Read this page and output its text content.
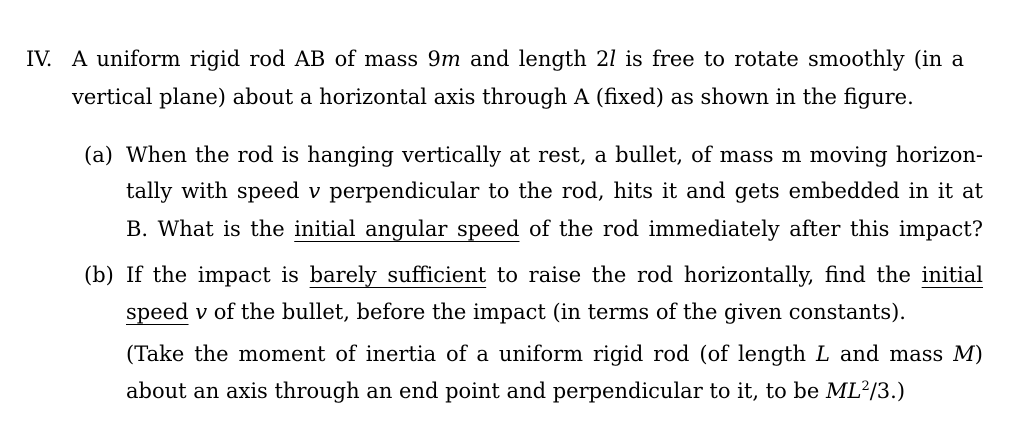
IV. A uniform rigid rod AB of mass 9m and length 2l is free to rotate smoothly (in a
vertical plane) about a horizontal axis through A (fixed) as shown in the figure.
(a) When the rod is hanging vertically at rest, a bullet, of mass m moving horizon-
tally with speed v perpendicular to the rod, hits it and gets embedded in it at
B. What is the initial angular speed of the rod immediately after this impact?
(b) If the impact is barely sufficient to raise the rod horizontally, find the initial
speed v of the bullet, before the impact (in terms of the given constants).
(Take the moment of inertia of a uniform rigid rod (of length L and mass M)
about an axis through an end point and perpendicular to it, to be $ML^2/3$.)
